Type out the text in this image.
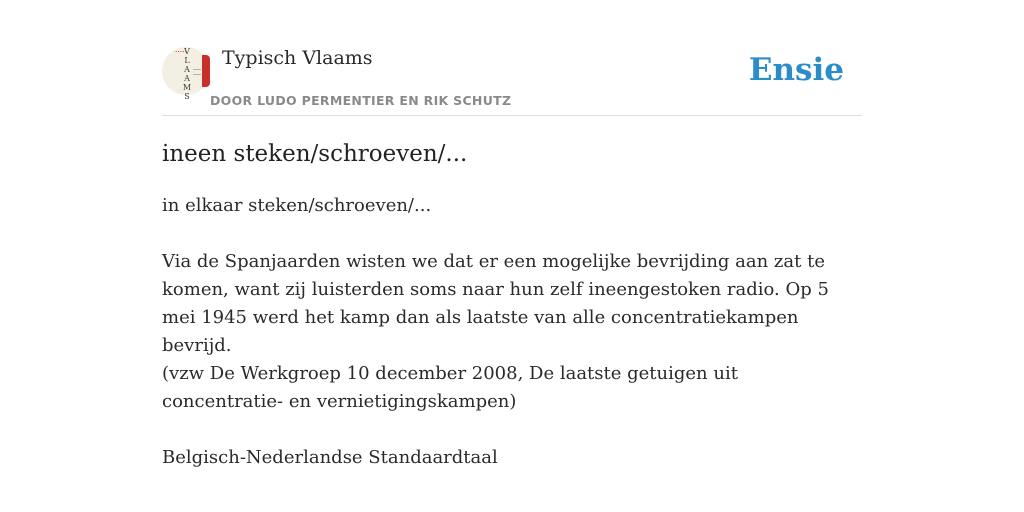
•••••
VLAAMS
Typisch Vlaams
DOOR LUDO PERMENTIER EN RIK SCHUTZ
Ensie
ineen steken/schroeven/...

in elkaar steken/schroeven/...

Via de Spanjaarden wisten we dat er een mogelijke bevrijding aan zat te komen, want zij luisterden soms naar hun zelf ineengestoken radio. Op 5 mei 1945 werd het kamp dan als laatste van alle concentratiekampen bevrijd.

(vzw De Werkgroep 10 december 2008, De laatste getuigen uit concentratie- en vernietigingskampen)

Belgisch-Nederlandse Standaardtaal
